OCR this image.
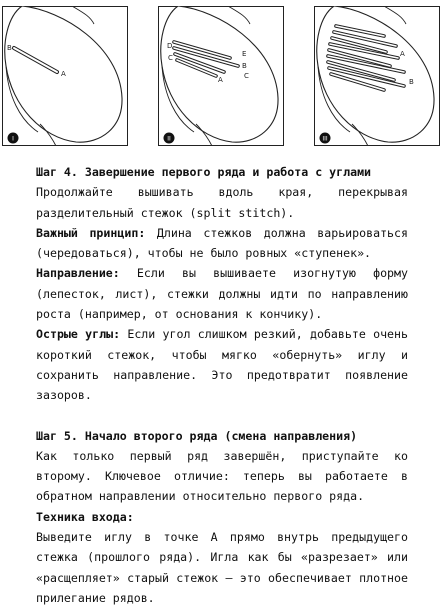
I
B
A
II
D
C	E
B
A	C
III
A
B

Шаг 4. Завершение первого ряда и работа с углами

Продолжайте вышивать вдоль края, перекрывая разделительный стежок (split stitch).

Важный принцип: Длина стежков должна варьироваться (чередоваться), чтобы не было ровных «ступенек».

Направление: Если вы вышиваете изогнутую форму (лепесток, лист), стежки должны идти по направлению роста (например, от основания к кончику).

Острые углы: Если угол слишком резкий, добавьте очень короткий стежок, чтобы мягко «обернуть» иглу и сохранить направление. Это предотвратит появление зазоров.

Шаг 5. Начало второго ряда (смена направления)

Как только первый ряд завершён, приступайте ко второму. Ключевое отличие: теперь вы работаете в обратном направлении относительно первого ряда.

Техника входа:

Выведите иглу в точке А прямо внутрь предыдущего стежка (прошлого ряда). Игла как бы «разрезает» или «расщепляет» старый стежок — это обеспечивает плотное прилегание рядов.
